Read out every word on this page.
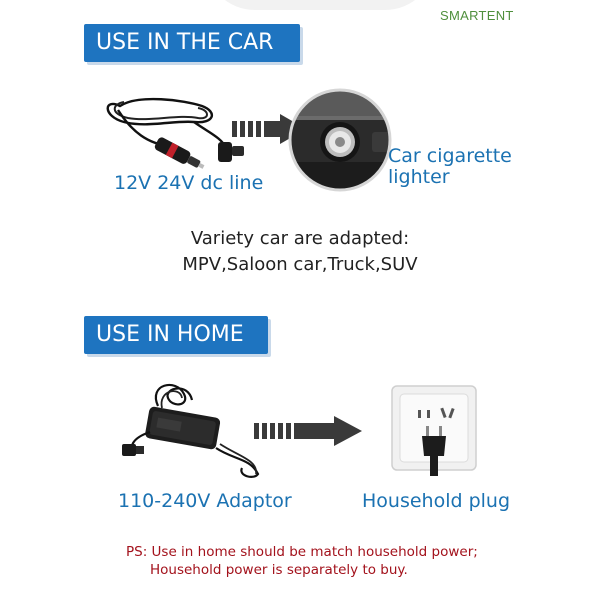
SMARTENT
USE IN THE CAR
12V 24V dc line
Car cigarette
lighter
Variety car are adapted:
MPV,Saloon car,Truck,SUV
USE IN HOME
110-240V Adaptor	Household plug
PS: Use in home should be match household power;
Household power is separately to buy.
